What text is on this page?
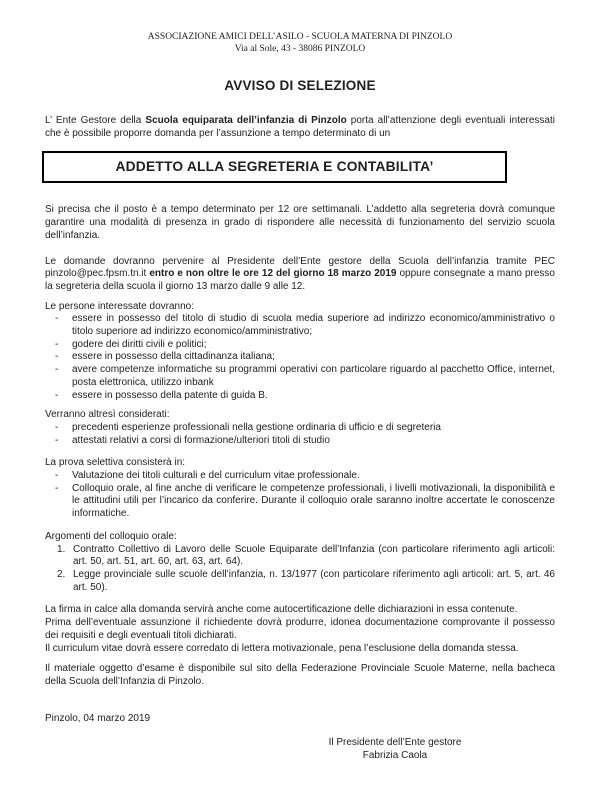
ASSOCIAZIONE AMICI DELL’ASILO - SCUOLA MATERNA DI PINZOLO
Via al Sole, 43 - 38086 PINZOLO
AVVISO DI SELEZIONE

L’ Ente Gestore della Scuola equiparata dell’infanzia di Pinzolo porta all’attenzione degli eventuali interessati che è possibile proporre domanda per l’assunzione a tempo determinato di un

ADDETTO ALLA SEGRETERIA E CONTABILITA’

Si precisa che il posto è a tempo determinato per 12 ore settimanali. L’addetto alla segreteria dovrà comunque garantire una modalità di presenza in grado di rispondere alle necessità di funzionamento del servizio scuola dell’infanzia.

Le domande dovranno pervenire al Presidente dell’Ente gestore della Scuola dell’infanzia tramite PEC pinzolo@pec.fpsm.tn.it entro e non oltre le ore 12 del giorno 18 marzo 2019 oppure consegnate a mano presso la segreteria della scuola il giorno 13 marzo dalle 9 alle 12.

Le persone interessate dovranno:
-	essere in possesso del titolo di studio di scuola media superiore ad indirizzo economico/amministrativo o titolo superiore ad indirizzo economico/amministrativo;
-	godere dei diritti civili e politici;
-	essere in possesso della cittadinanza italiana;
-	avere competenze informatiche su programmi operativi con particolare riguardo al pacchetto Office, internet, posta elettronica, utilizzo inbank
-	essere in possesso della patente di guida B.
Verranno altresì considerati:
-	precedenti esperienze professionali nella gestione ordinaria di ufficio e di segreteria
-	attestati relativi a corsi di formazione/ulteriori titoli di studio
La prova selettiva consisterà in:
-	Valutazione dei titoli culturali e del curriculum vitae professionale.
-	Colloquio orale, al fine anche di verificare le competenze professionali, i livelli motivazionali, la disponibilità e le attitudini utili per l’incarico da conferire. Durante il colloquio orale saranno inoltre accertate le conoscenze informatiche.
Argomenti del colloquio orale:
1. Contratto Collettivo di Lavoro delle Scuole Equiparate dell’Infanzia (con particolare riferimento agli articoli: art. 50, art. 51, art. 60, art. 63, art. 64).
2. Legge provinciale sulle scuole dell’infanzia, n. 13/1977 (con particolare riferimento agli articoli: art. 5, art. 46 art. 50).

La firma in calce alla domanda servirà anche come autocertificazione delle dichiarazioni in essa contenute.

Prima dell’eventuale assunzione il richiedente dovrà produrre, idonea documentazione comprovante il possesso dei requisiti e degli eventuali titoli dichiarati.

Il curriculum vitae dovrà essere corredato di lettera motivazionale, pena l’esclusione della domanda stessa.

Il materiale oggetto d’esame è disponibile sul sito della Federazione Provinciale Scuole Materne, nella bacheca della Scuola dell’Infanzia di Pinzolo.

Pinzolo, 04 marzo 2019
Il Presidente dell’Ente gestore
Fabrizia Caola
